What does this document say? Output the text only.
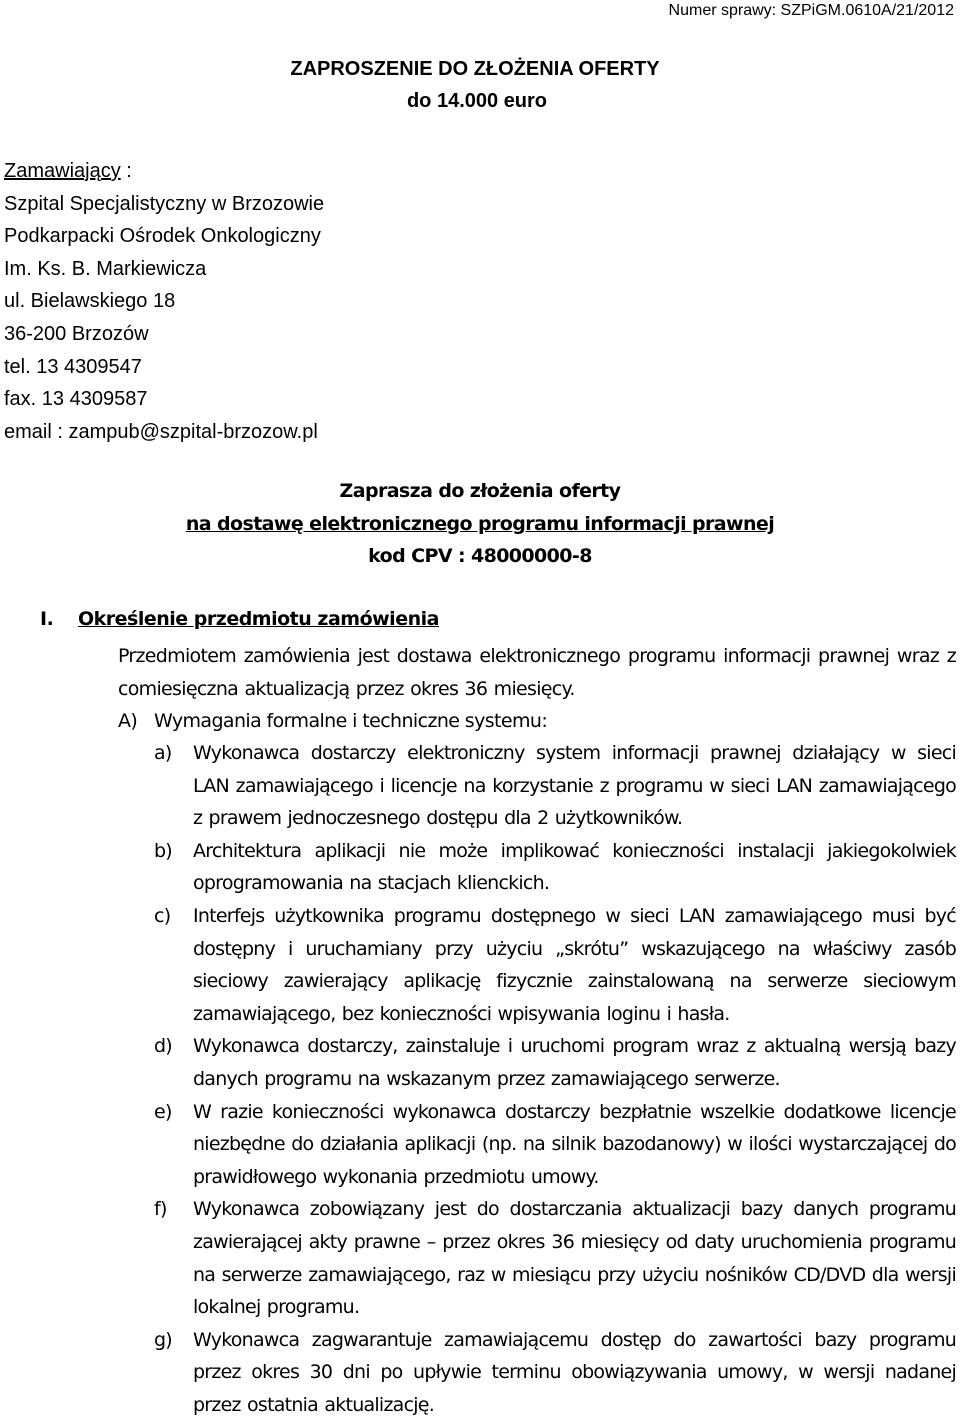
Numer sprawy: SZPiGM.0610A/21/2012
ZAPROSZENIE DO ZŁOŻENIA OFERTY
do 14.000 euro
Zamawiający :
Szpital Specjalistyczny w Brzozowie
Podkarpacki Ośrodek Onkologiczny
Im. Ks. B. Markiewicza
ul. Bielawskiego 18
36-200 Brzozów
tel. 13 4309547
fax. 13 4309587
email : zampub@szpital-brzozow.pl
Zaprasza do złożenia oferty
na dostawę elektronicznego programu informacji prawnej
kod CPV : 48000000-8
I. Określenie przedmiotu zamówienia
Przedmiotem zamówienia jest dostawa elektronicznego programu informacji prawnej wraz z comiesięczna aktualizacją przez okres 36 miesięcy.
A) Wymagania formalne i techniczne systemu:
a) Wykonawca dostarczy elektroniczny system informacji prawnej działający w sieci LAN zamawiającego i licencje na korzystanie z programu w sieci LAN zamawiającego z prawem jednoczesnego dostępu dla 2 użytkowników.
b) Architektura aplikacji nie może implikować konieczności instalacji jakiegokolwiek oprogramowania na stacjach klienckich.
c) Interfejs użytkownika programu dostępnego w sieci LAN zamawiającego musi być dostępny i uruchamiany przy użyciu „skrótu” wskazującego na właściwy zasób sieciowy zawierający aplikację fizycznie zainstalowaną na serwerze sieciowym zamawiającego, bez konieczności wpisywania loginu i hasła.
d) Wykonawca dostarczy, zainstaluje i uruchomi program wraz z aktualną wersją bazy danych programu na wskazanym przez zamawiającego serwerze.
e) W razie konieczności wykonawca dostarczy bezpłatnie wszelkie dodatkowe licencje niezbędne do działania aplikacji (np. na silnik bazodanowy) w ilości wystarczającej do prawidłowego wykonania przedmiotu umowy.
f) Wykonawca zobowiązany jest do dostarczania aktualizacji bazy danych programu zawierającej akty prawne – przez okres 36 miesięcy od daty uruchomienia programu na serwerze zamawiającego, raz w miesiącu przy użyciu nośników CD/DVD dla wersji lokalnej programu.
g) Wykonawca zagwarantuje zamawiającemu dostęp do zawartości bazy programu przez okres 30 dni po upływie terminu obowiązywania umowy, w wersji nadanej przez ostatnia aktualizację.
